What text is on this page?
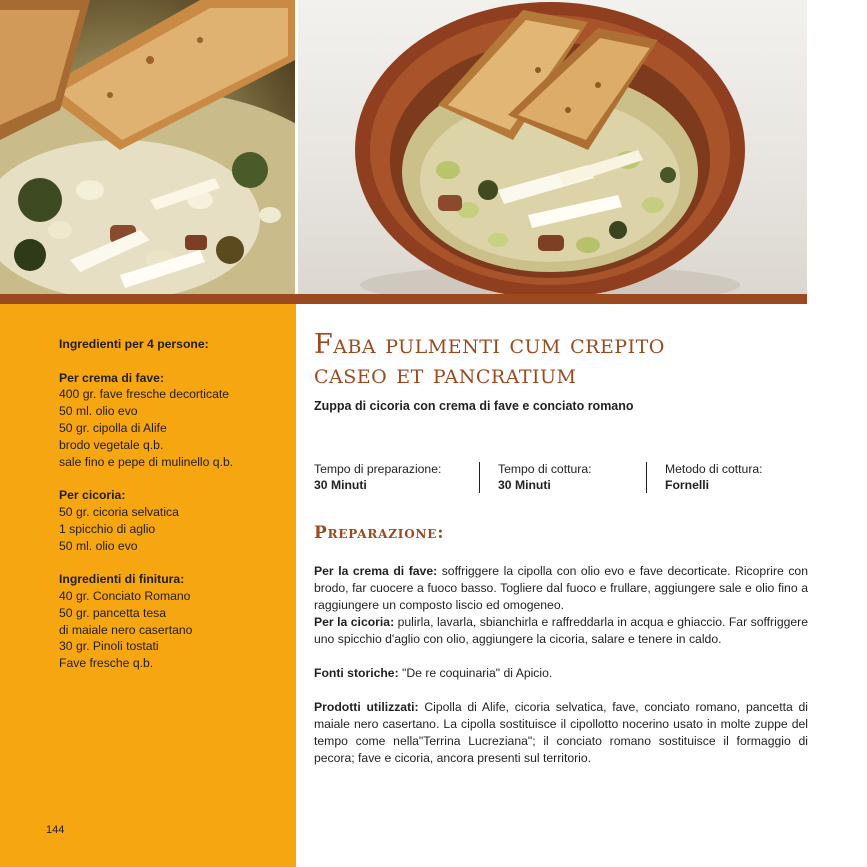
Ingredienti per 4 persone:
Per crema di fave:
400 gr. fave fresche decorticate
50 ml. olio evo
50 gr. cipolla di Alife
brodo vegetale q.b.
sale fino e pepe di mulinello q.b.
Per cicoria:
50 gr. cicoria selvatica
1 spicchio di aglio
50 ml. olio evo
Ingredienti di finitura:
40 gr. Conciato Romano
50 gr. pancetta tesa
di maiale nero casertano
30 gr. Pinoli tostati
Fave fresche q.b.
144
Faba pulmenti cum crepito
caseo et pancratium
Zuppa di cicoria con crema di fave e conciato romano
Tempo di preparazione:
30 Minuti
Tempo di cottura:
30 Minuti
Metodo di cottura:
Fornelli
Preparazione:

Per la crema di fave: soffriggere la cipolla con olio evo e fave decorticate. Ricoprire con brodo, far cuocere a fuoco basso. Togliere dal fuoco e frullare, aggiungere sale e olio fino a raggiungere un composto liscio ed omogeneo.

Per la cicoria: pulirla, lavarla, sbianchirla e raffreddarla in acqua e ghiaccio. Far soffriggere uno spicchio d'aglio con olio, aggiungere la cicoria, salare e tenere in caldo.

Fonti storiche: "De re coquinaria" di Apicio.

Prodotti utilizzati: Cipolla di Alife, cicoria selvatica, fave, conciato romano, pancetta di maiale nero casertano. La cipolla sostituisce il cipollotto nocerino usato in molte zuppe del tempo come nella"Terrina Lucreziana"; il conciato romano sostituisce il formaggio di pecora; fave e cicoria, ancora presenti sul territorio.
